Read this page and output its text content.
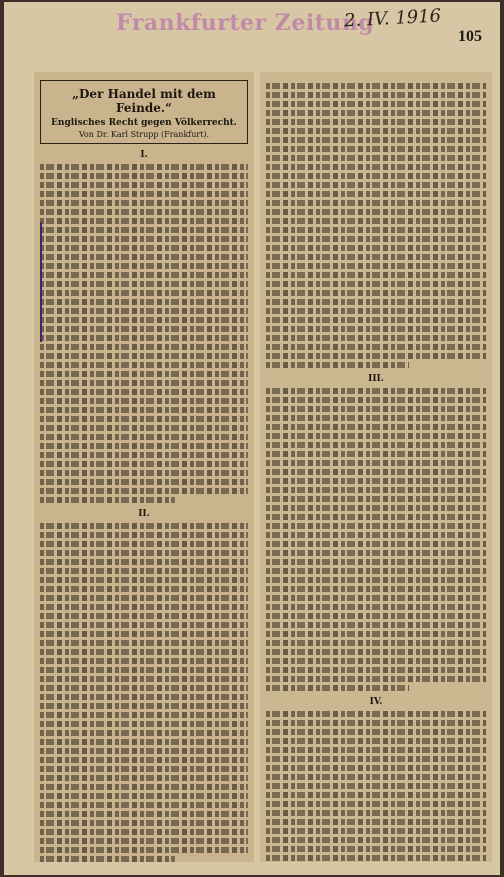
Frankfurter Zeitung
2. IV. 1916
105
„Der Handel mit dem Feinde.“
Englisches Recht gegen Völkerrecht.
Von Dr. Karl Strupp (Frankfurt).
I.
II.
III.
IV.
